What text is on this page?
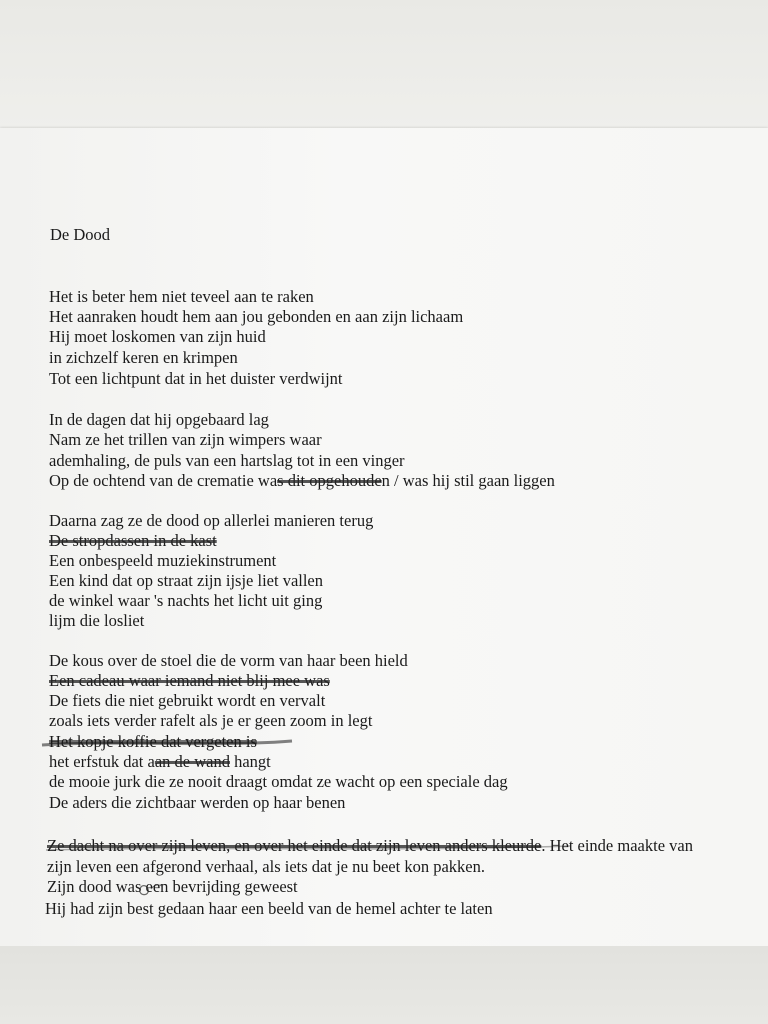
De Dood
Het is beter hem niet teveel aan te raken
Het aanraken houdt hem aan jou gebonden en aan zijn lichaam
Hij moet loskomen van zijn huid
in zichzelf keren en krimpen
Tot een lichtpunt dat in het duister verdwijnt
In de dagen dat hij opgebaard lag
Nam ze het trillen van zijn wimpers waar
ademhaling, de puls van een hartslag tot in een vinger
Op de ochtend van de crematie was dit opgehouden / was hij stil gaan liggen
Daarna zag ze de dood op allerlei manieren terug
De stropdassen in de kast
Een onbespeeld muziekinstrument
Een kind dat op straat zijn ijsje liet vallen
de winkel waar 's nachts het licht uit ging
lijm die losliet
De kous over de stoel die de vorm van haar been hield
Een cadeau waar iemand niet blij mee was
De fiets die niet gebruikt wordt en vervalt
zoals iets verder rafelt als je er geen zoom in legt
Het kopje koffie dat vergeten is
het erfstuk dat aan de wand hangt
de mooie jurk die ze nooit draagt omdat ze wacht op een speciale dag
De aders die zichtbaar werden op haar benen
Ze dacht na over zijn leven, en over het einde dat zijn leven anders kleurde. Het einde maakte van
zijn leven een afgerond verhaal, als iets dat je nu beet kon pakken.
Zijn dood was een bevrijding geweest
Hij had zijn best gedaan haar een beeld van de hemel achter te laten
